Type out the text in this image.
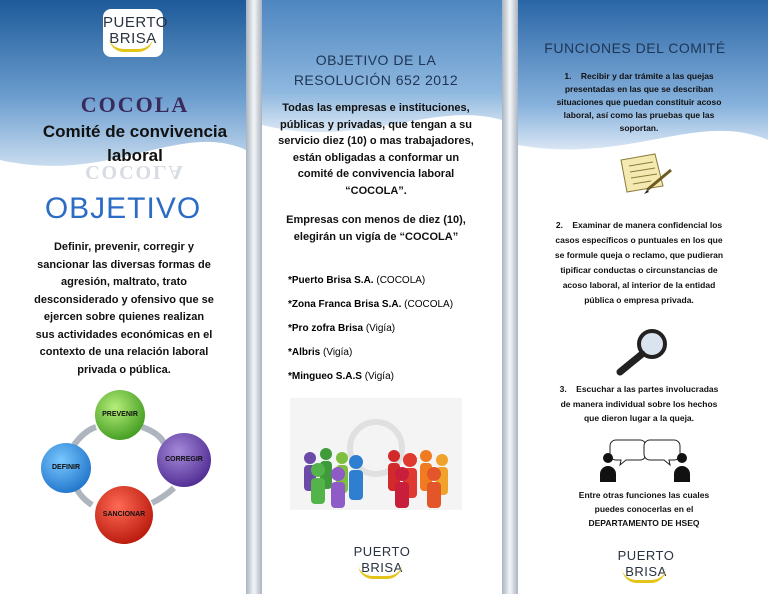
PUERTO
BRISA
COCOLA
Comité de convivencia
laboral
COCOLA
OBJETIVO
Definir, prevenir, corregir y sancionar las diversas formas de agresión, maltrato, trato desconsiderado y ofensivo que se ejercen sobre quienes realizan sus actividades económicas en el contexto de una relación laboral privada o pública.
PREVENIR
CORREGIR
SANCIONAR
DEFINIR
OBJETIVO DE LA
RESOLUCIÓN 652 2012
Todas las empresas e instituciones, públicas y privadas, que tengan a su servicio diez (10) o mas trabajadores, están obligadas a conformar un comité de convivencia laboral “COCOLA”.
Empresas con menos de diez (10), elegirán un vigía de “COCOLA”

*Puerto Brisa S.A. (COCOLA)

*Zona Franca Brisa S.A. (COCOLA)

*Pro zofra Brisa (Vigía)

*Albris (Vigía)

*Mingueo S.A.S (Vigía)

PUERTO
BRISA
FUNCIONES DEL COMITÉ
1. Recibir y dar trámite a las quejas presentadas en las que se describan situaciones que puedan constituir acoso laboral, así como las pruebas que las soportan.
2. Examinar de manera confidencial los casos específicos o puntuales en los que se formule queja o reclamo, que pudieran tipificar conductas o circunstancias de acoso laboral, al interior de la entidad pública o empresa privada.
3. Escuchar a las partes involucradas de manera individual sobre los hechos que dieron lugar a la queja.
Entre otras funciones las cuales
puedes conocerlas en el
DEPARTAMENTO DE HSEQ
PUERTO
BRISA
